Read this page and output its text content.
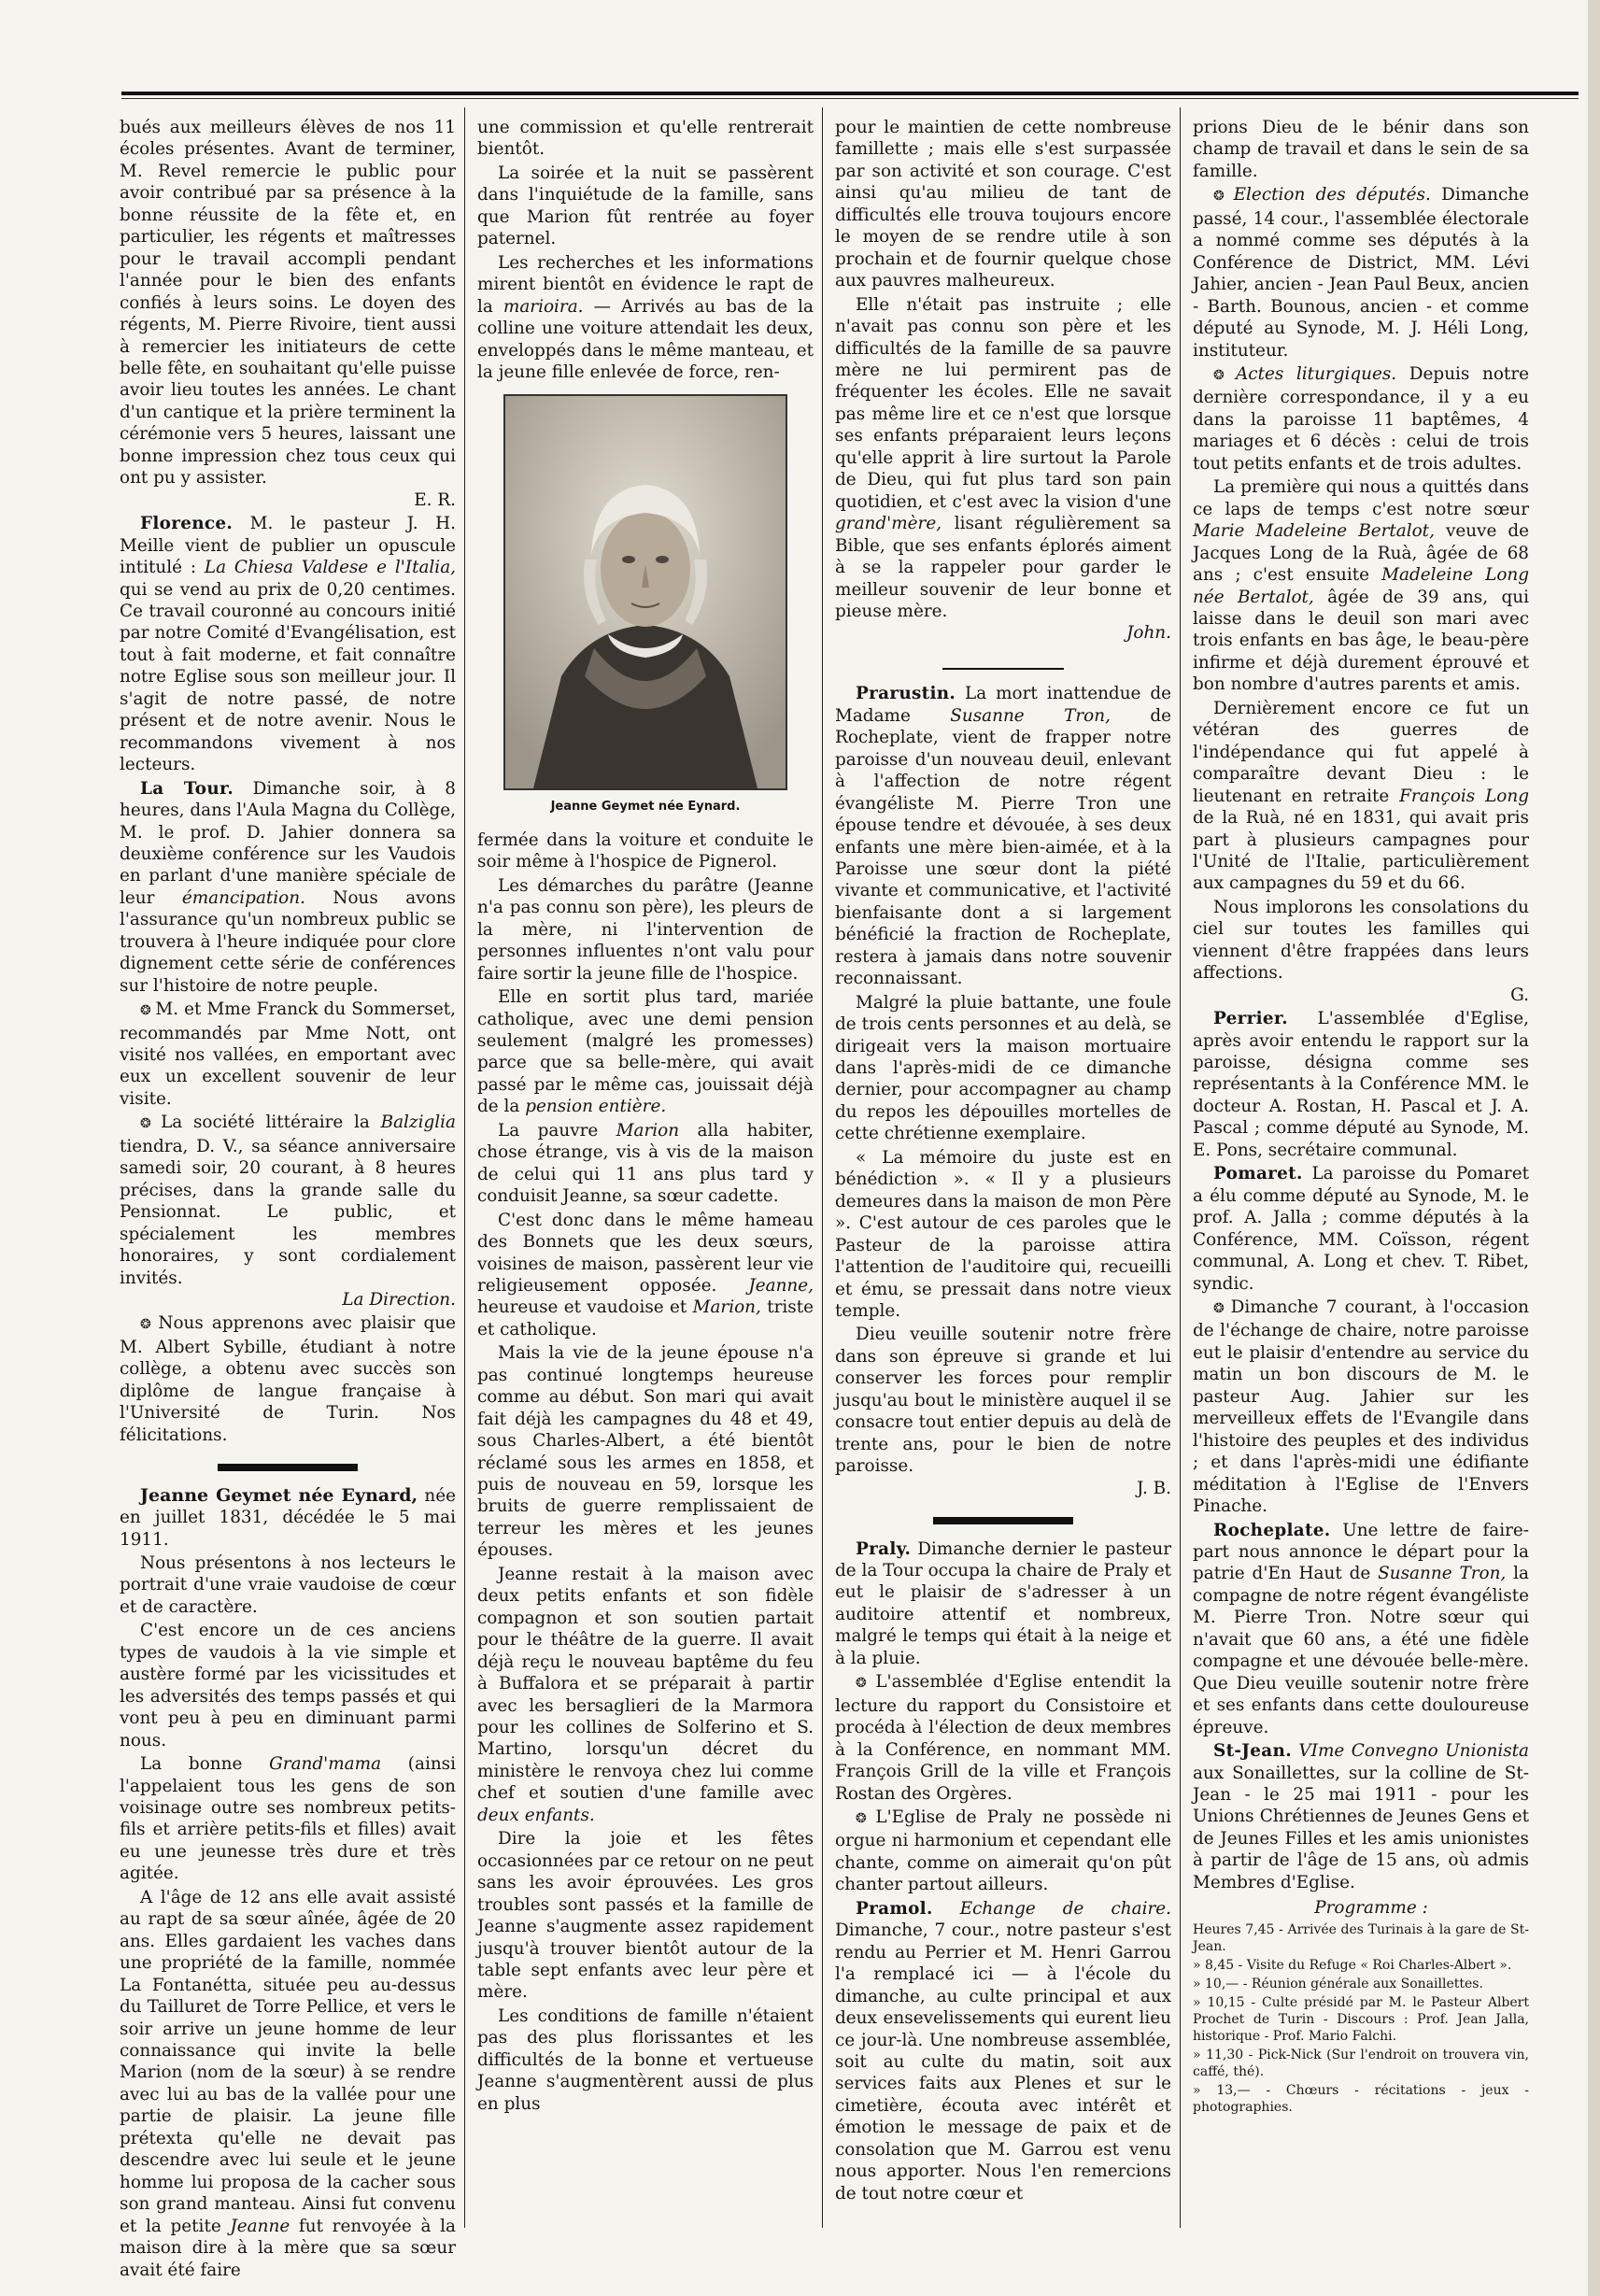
bués aux meilleurs élèves de nos 11 écoles présentes. Avant de terminer, M. Revel remercie le public pour avoir contribué par sa présence à la bonne réussite de la fête et, en particulier, les régents et maîtresses pour le travail accompli pendant l'année pour le bien des enfants confiés à leurs soins. Le doyen des régents, M. Pierre Rivoire, tient aussi à remercier les initiateurs de cette belle fête, en souhaitant qu'elle puisse avoir lieu toutes les années. Le chant d'un cantique et la prière terminent la cérémonie vers 5 heures, laissant une bonne impression chez tous ceux qui ont pu y assister.
E. R.

Florence. M. le pasteur J. H. Meille vient de publier un opuscule intitulé : La Chiesa Valdese e l'Italia, qui se vend au prix de 0,20 centimes. Ce travail couronné au concours initié par notre Comité d'Evangélisation, est tout à fait moderne, et fait connaître notre Eglise sous son meilleur jour. Il s'agit de notre passé, de notre présent et de notre avenir. Nous le recommandons vivement à nos lecteurs.

La Tour. Dimanche soir, à 8 heures, dans l'Aula Magna du Collège, M. le prof. D. Jahier donnera sa deuxième conférence sur les Vaudois en parlant d'une manière spéciale de leur émancipation. Nous avons l'assurance qu'un nombreux public se trouvera à l'heure indiquée pour clore dignement cette série de conférences sur l'histoire de notre peuple.

❂ M. et Mme Franck du Sommerset, recommandés par Mme Nott, ont visité nos vallées, en emportant avec eux un excellent souvenir de leur visite.

❂ La société littéraire la Balziglia tiendra, D. V., sa séance anniversaire samedi soir, 20 courant, à 8 heures précises, dans la grande salle du Pensionnat. Le public, et spécialement les membres honoraires, y sont cordialement invités.
La Direction.

❂ Nous apprenons avec plaisir que M. Albert Sybille, étudiant à notre collège, a obtenu avec succès son diplôme de langue française à l'Université de Turin. Nos félicitations.

Jeanne Geymet née Eynard, née en juillet 1831, décédée le 5 mai 1911.

Nous présentons à nos lecteurs le portrait d'une vraie vaudoise de cœur et de caractère.

C'est encore un de ces anciens types de vaudois à la vie simple et austère formé par les vicissitudes et les adversités des temps passés et qui vont peu à peu en diminuant parmi nous.

La bonne Grand'mama (ainsi l'appelaient tous les gens de son voisinage outre ses nombreux petits-fils et arrière petits-fils et filles) avait eu une jeunesse très dure et très agitée.

A l'âge de 12 ans elle avait assisté au rapt de sa sœur aînée, âgée de 20 ans. Elles gardaient les vaches dans une propriété de la famille, nommée La Fontanétta, située peu au-dessus du Tailluret de Torre Pellice, et vers le soir arrive un jeune homme de leur connaissance qui invite la belle Marion (nom de la sœur) à se rendre avec lui au bas de la vallée pour une partie de plaisir. La jeune fille prétexta qu'elle ne devait pas descendre avec lui seule et le jeune homme lui proposa de la cacher sous son grand manteau. Ainsi fut convenu et la petite Jeanne fut renvoyée à la maison dire à la mère que sa sœur avait été faire

une commission et qu'elle rentrerait bientôt.

La soirée et la nuit se passèrent dans l'inquiétude de la famille, sans que Marion fût rentrée au foyer paternel.

Les recherches et les informations mirent bientôt en évidence le rapt de la marioira. — Arrivés au bas de la colline une voiture attendait les deux, enveloppés dans le même manteau, et la jeune fille enlevée de force, ren-

Jeanne Geymet née Eynard.

fermée dans la voiture et conduite le soir même à l'hospice de Pignerol.

Les démarches du parâtre (Jeanne n'a pas connu son père), les pleurs de la mère, ni l'intervention de personnes influentes n'ont valu pour faire sortir la jeune fille de l'hospice.

Elle en sortit plus tard, mariée catholique, avec une demi pension seulement (malgré les promesses) parce que sa belle-mère, qui avait passé par le même cas, jouissait déjà de la pension entière.

La pauvre Marion alla habiter, chose étrange, vis à vis de la maison de celui qui 11 ans plus tard y conduisit Jeanne, sa sœur cadette.

C'est donc dans le même hameau des Bonnets que les deux sœurs, voisines de maison, passèrent leur vie religieusement opposée. Jeanne, heureuse et vaudoise et Marion, triste et catholique.

Mais la vie de la jeune épouse n'a pas continué longtemps heureuse comme au début. Son mari qui avait fait déjà les campagnes du 48 et 49, sous Charles-Albert, a été bientôt réclamé sous les armes en 1858, et puis de nouveau en 59, lorsque les bruits de guerre remplissaient de terreur les mères et les jeunes épouses.

Jeanne restait à la maison avec deux petits enfants et son fidèle compagnon et son soutien partait pour le théâtre de la guerre. Il avait déjà reçu le nouveau baptême du feu à Buffalora et se préparait à partir avec les bersaglieri de la Marmora pour les collines de Solferino et S. Martino, lorsqu'un décret du ministère le renvoya chez lui comme chef et soutien d'une famille avec deux enfants.

Dire la joie et les fêtes occasionnées par ce retour on ne peut sans les avoir éprouvées. Les gros troubles sont passés et la famille de Jeanne s'augmente assez rapidement jusqu'à trouver bientôt autour de la table sept enfants avec leur père et mère.

Les conditions de famille n'étaient pas des plus florissantes et les difficultés de la bonne et vertueuse Jeanne s'augmentèrent aussi de plus en plus

pour le maintien de cette nombreuse famillette ; mais elle s'est surpassée par son activité et son courage. C'est ainsi qu'au milieu de tant de difficultés elle trouva toujours encore le moyen de se rendre utile à son prochain et de fournir quelque chose aux pauvres malheureux.

Elle n'était pas instruite ; elle n'avait pas connu son père et les difficultés de la famille de sa pauvre mère ne lui permirent pas de fréquenter les écoles. Elle ne savait pas même lire et ce n'est que lorsque ses enfants préparaient leurs leçons qu'elle apprit à lire surtout la Parole de Dieu, qui fut plus tard son pain quotidien, et c'est avec la vision d'une grand'mère, lisant régulièrement sa Bible, que ses enfants éplorés aiment à se la rappeler pour garder le meilleur souvenir de leur bonne et pieuse mère.
John.

Prarustin. La mort inattendue de Madame Susanne Tron, de Rocheplate, vient de frapper notre paroisse d'un nouveau deuil, enlevant à l'affection de notre régent évangéliste M. Pierre Tron une épouse tendre et dévouée, à ses deux enfants une mère bien-aimée, et à la Paroisse une sœur dont la piété vivante et communicative, et l'activité bienfaisante dont a si largement bénéficié la fraction de Rocheplate, restera à jamais dans notre souvenir reconnaissant.

Malgré la pluie battante, une foule de trois cents personnes et au delà, se dirigeait vers la maison mortuaire dans l'après-midi de ce dimanche dernier, pour accompagner au champ du repos les dépouilles mortelles de cette chrétienne exemplaire.

« La mémoire du juste est en bénédiction ». « Il y a plusieurs demeures dans la maison de mon Père ». C'est autour de ces paroles que le Pasteur de la paroisse attira l'attention de l'auditoire qui, recueilli et ému, se pressait dans notre vieux temple.

Dieu veuille soutenir notre frère dans son épreuve si grande et lui conserver les forces pour remplir jusqu'au bout le ministère auquel il se consacre tout entier depuis au delà de trente ans, pour le bien de notre paroisse.
J. B.

Praly. Dimanche dernier le pasteur de la Tour occupa la chaire de Praly et eut le plaisir de s'adresser à un auditoire attentif et nombreux, malgré le temps qui était à la neige et à la pluie.

❂ L'assemblée d'Eglise entendit la lecture du rapport du Consistoire et procéda à l'élection de deux membres à la Conférence, en nommant MM. François Grill de la ville et François Rostan des Orgères.

❂ L'Eglise de Praly ne possède ni orgue ni harmonium et cependant elle chante, comme on aimerait qu'on pût chanter partout ailleurs.

Pramol. Echange de chaire. Dimanche, 7 cour., notre pasteur s'est rendu au Perrier et M. Henri Garrou l'a remplacé ici — à l'école du dimanche, au culte principal et aux deux ensevelissements qui eurent lieu ce jour-là. Une nombreuse assemblée, soit au culte du matin, soit aux services faits aux Plenes et sur le cimetière, écouta avec intérêt et émotion le message de paix et de consolation que M. Garrou est venu nous apporter. Nous l'en remercions de tout notre cœur et

prions Dieu de le bénir dans son champ de travail et dans le sein de sa famille.

❂ Election des députés. Dimanche passé, 14 cour., l'assemblée électorale a nommé comme ses députés à la Conférence de District, MM. Lévi Jahier, ancien - Jean Paul Beux, ancien - Barth. Bounous, ancien - et comme député au Synode, M. J. Héli Long, instituteur.

❂ Actes liturgiques. Depuis notre dernière correspondance, il y a eu dans la paroisse 11 baptêmes, 4 mariages et 6 décès : celui de trois tout petits enfants et de trois adultes.

La première qui nous a quittés dans ce laps de temps c'est notre sœur Marie Madeleine Bertalot, veuve de Jacques Long de la Ruà, âgée de 68 ans ; c'est ensuite Madeleine Long née Bertalot, âgée de 39 ans, qui laisse dans le deuil son mari avec trois enfants en bas âge, le beau-père infirme et déjà durement éprouvé et bon nombre d'autres parents et amis.

Dernièrement encore ce fut un vétéran des guerres de l'indépendance qui fut appelé à comparaître devant Dieu : le lieutenant en retraite François Long de la Ruà, né en 1831, qui avait pris part à plusieurs campagnes pour l'Unité de l'Italie, particulièrement aux campagnes du 59 et du 66.

Nous implorons les consolations du ciel sur toutes les familles qui viennent d'être frappées dans leurs affections.
G.

Perrier. L'assemblée d'Eglise, après avoir entendu le rapport sur la paroisse, désigna comme ses représentants à la Conférence MM. le docteur A. Rostan, H. Pascal et J. A. Pascal ; comme député au Synode, M. E. Pons, secrétaire communal.

Pomaret. La paroisse du Pomaret a élu comme député au Synode, M. le prof. A. Jalla ; comme députés à la Conférence, MM. Coïsson, régent communal, A. Long et chev. T. Ribet, syndic.

❂ Dimanche 7 courant, à l'occasion de l'échange de chaire, notre paroisse eut le plaisir d'entendre au service du matin un bon discours de M. le pasteur Aug. Jahier sur les merveilleux effets de l'Evangile dans l'histoire des peuples et des individus ; et dans l'après-midi une édifiante méditation à l'Eglise de l'Envers Pinache.

Rocheplate. Une lettre de faire-part nous annonce le départ pour la patrie d'En Haut de Susanne Tron, la compagne de notre régent évangéliste M. Pierre Tron. Notre sœur qui n'avait que 60 ans, a été une fidèle compagne et une dévouée belle-mère. Que Dieu veuille soutenir notre frère et ses enfants dans cette douloureuse épreuve.

St-Jean. VIme Convegno Unionista aux Sonaillettes, sur la colline de St-Jean - le 25 mai 1911 - pour les Unions Chrétiennes de Jeunes Gens et de Jeunes Filles et les amis unionistes à partir de l'âge de 15 ans, où admis Membres d'Eglise.

Programme :

Heures 7,45 - Arrivée des Turinais à la gare de St-Jean.

» 8,45 - Visite du Refuge « Roi Charles-Albert ».

» 10,— - Réunion générale aux Sonaillettes.

» 10,15 - Culte présidé par M. le Pasteur Albert Prochet de Turin - Discours : Prof. Jean Jalla, historique - Prof. Mario Falchi.

» 11,30 - Pick-Nick (Sur l'endroit on trouvera vin, caffé, thé).

» 13,— - Chœurs - récitations - jeux - photographies.
